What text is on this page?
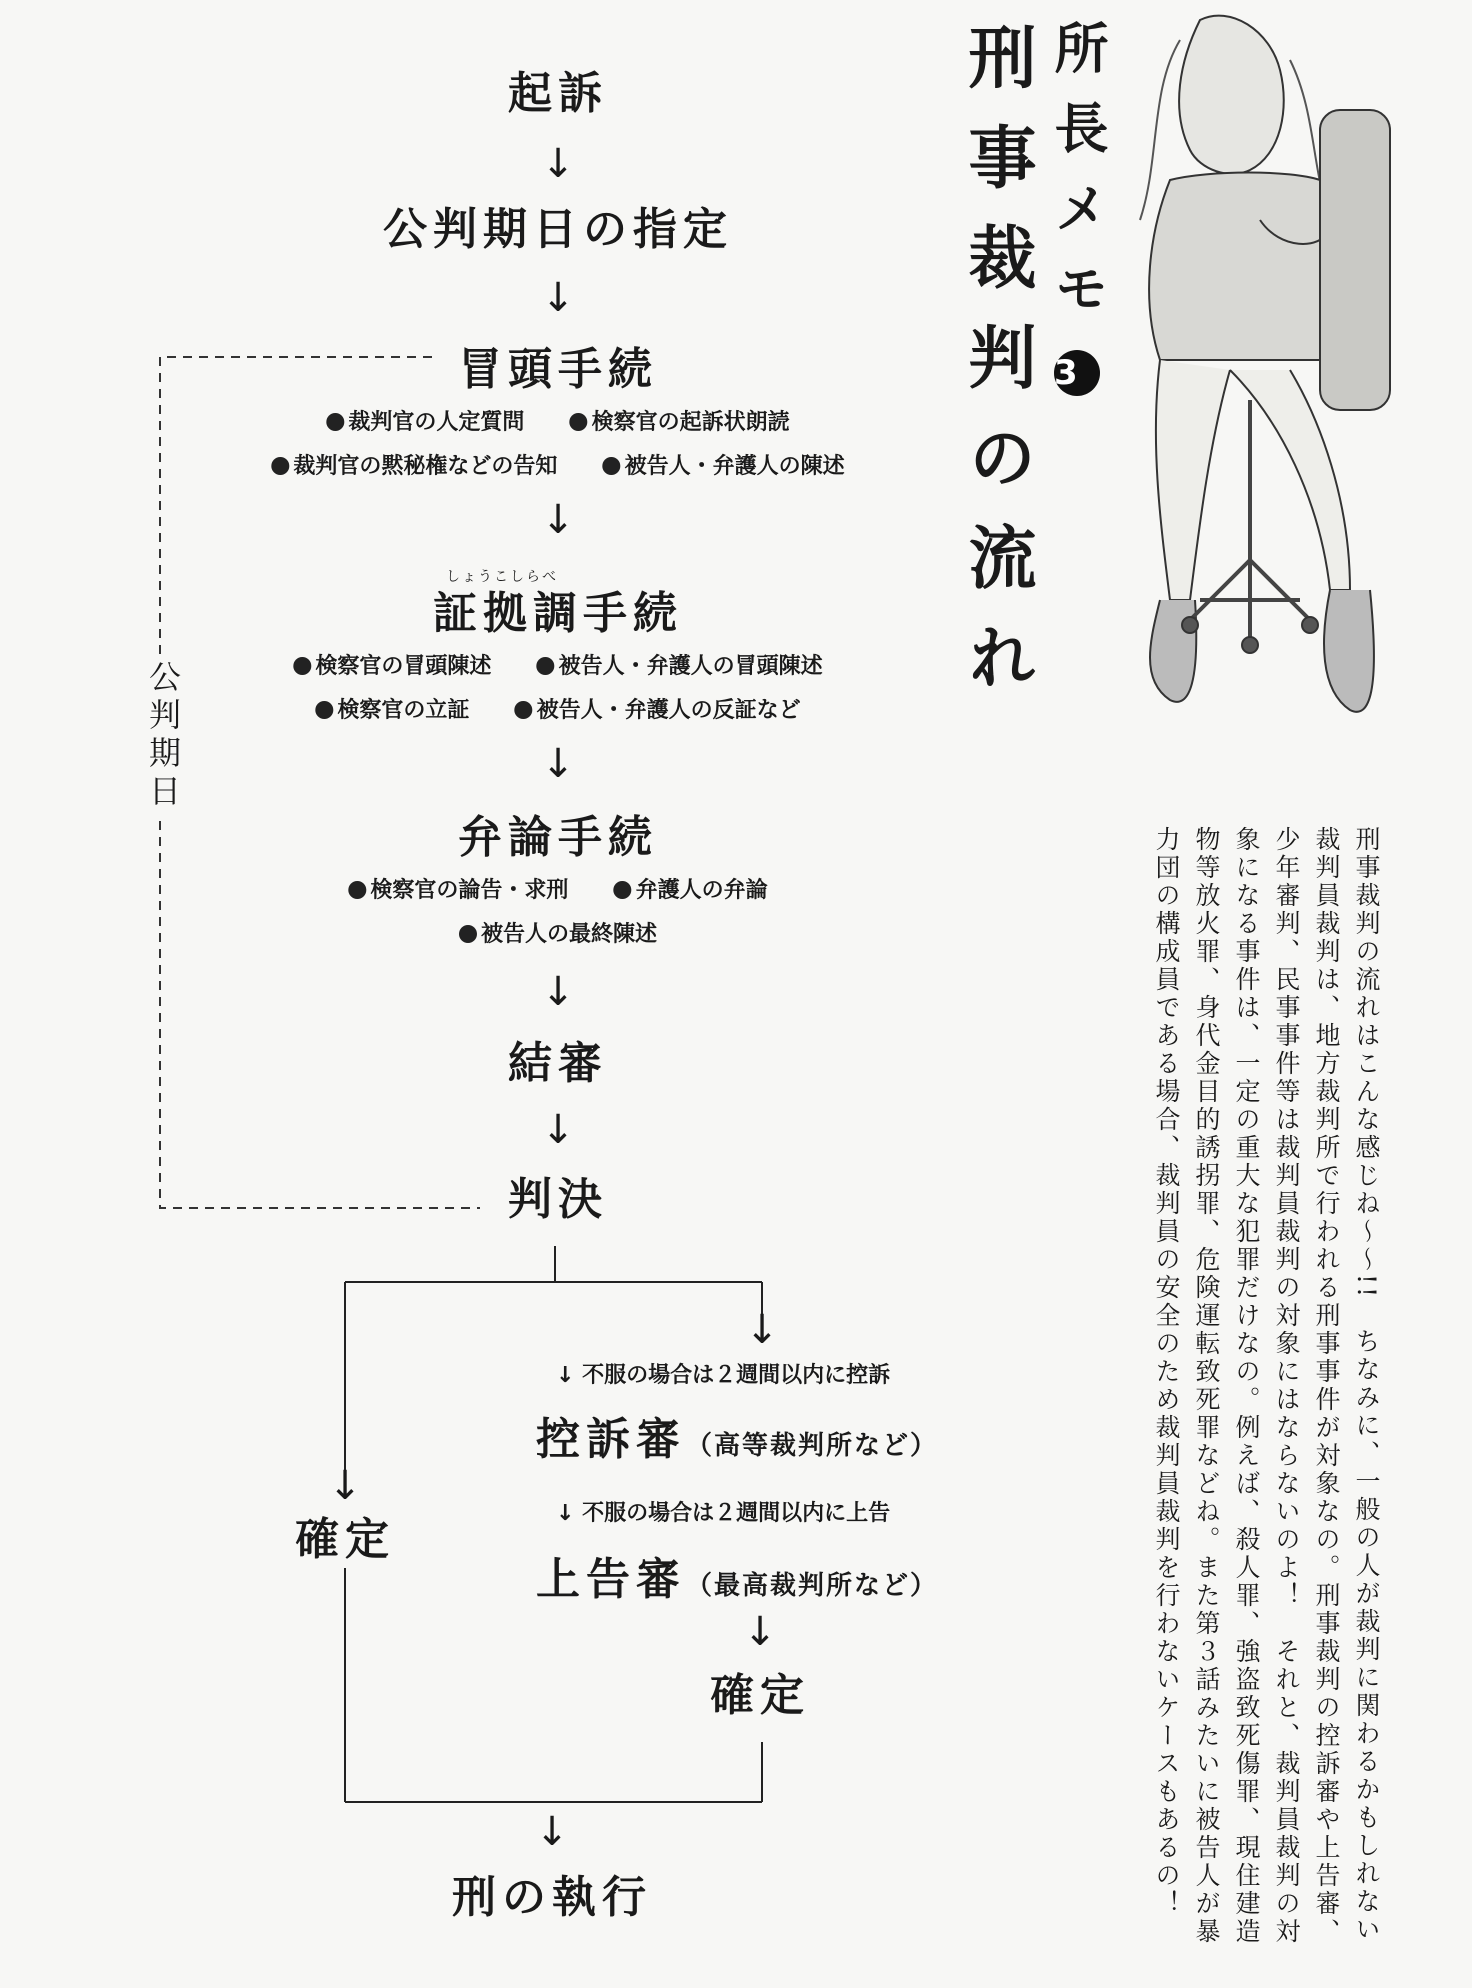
起訴
↓
公判期日の指定
↓
冒頭手続
裁判官の人定質問	検察官の起訴状朗読
裁判官の黙秘権などの告知	被告人・弁護人の陳述
↓
しょうこしらべ
証拠調手続
検察官の冒頭陳述	被告人・弁護人の冒頭陳述
検察官の立証	被告人・弁護人の反証など
↓
弁論手続
検察官の論告・求刑	弁護人の弁論
被告人の最終陳述
↓
結審
↓
判決
公判期日
↓
↓ 不服の場合は２週間以内に控訴
控訴審（高等裁判所など）
↓ 不服の場合は２週間以内に上告
上告審（最高裁判所など）
↓
確定
↓
確定
↓
刑の執行
所長メモ3
刑事裁判の流れ
刑事裁判の流れはこんな感じね〜〜!!　ちなみに、一般の人が裁判に関わるかもしれない裁判員裁判は、地方裁判所で行われる刑事事件が対象なの。刑事裁判の控訴審や上告審、少年審判、民事事件等は裁判員裁判の対象にはならないのよ！　それと、裁判員裁判の対象になる事件は、一定の重大な犯罪だけなの。例えば、殺人罪、強盗致死傷罪、現住建造物等放火罪、身代金目的誘拐罪、危険運転致死罪などね。また第３話みたいに被告人が暴力団の構成員である場合、裁判員の安全のため裁判員裁判を行わないケースもあるの！
